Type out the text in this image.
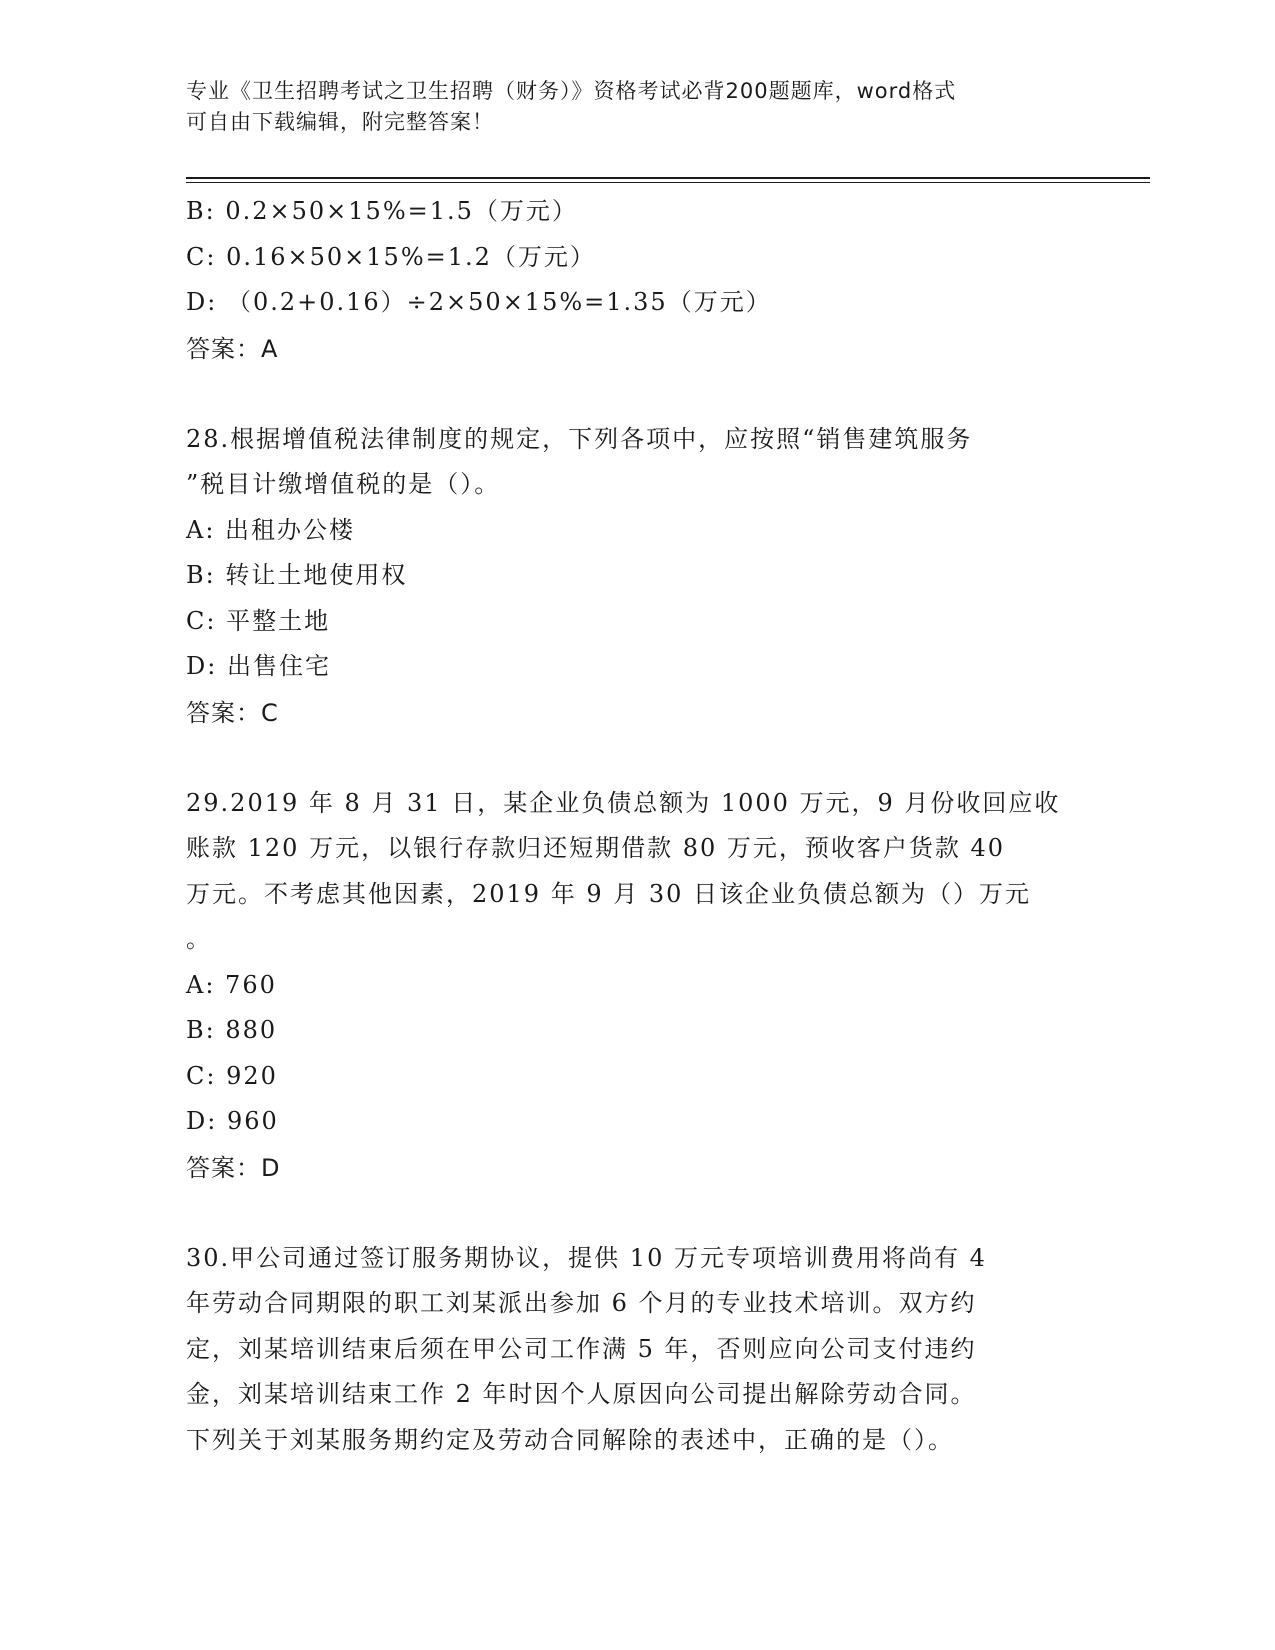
专业《卫生招聘考试之卫生招聘（财务）》资格考试必背200题题库，word格式
可自由下载编辑，附完整答案！
B: 0.2×50×15%=1.5（万元）
C: 0.16×50×15%=1.2（万元）
D: （0.2+0.16）÷2×50×15%=1.35（万元）
答案：A
28.根据增值税法律制度的规定，下列各项中，应按照“销售建筑服务
”税目计缴增值税的是（）。
A: 出租办公楼
B: 转让土地使用权
C: 平整土地
D: 出售住宅
答案：C
29.2019 年 8 月 31 日，某企业负债总额为 1000 万元，9 月份收回应收
账款 120 万元，以银行存款归还短期借款 80 万元，预收客户货款 40
万元。不考虑其他因素，2019 年 9 月 30 日该企业负债总额为（）万元
。
A: 760
B: 880
C: 920
D: 960
答案：D
30.甲公司通过签订服务期协议，提供 10 万元专项培训费用将尚有 4
年劳动合同期限的职工刘某派出参加 6 个月的专业技术培训。双方约
定，刘某培训结束后须在甲公司工作满 5 年，否则应向公司支付违约
金，刘某培训结束工作 2 年时因个人原因向公司提出解除劳动合同。
下列关于刘某服务期约定及劳动合同解除的表述中，正确的是（）。
